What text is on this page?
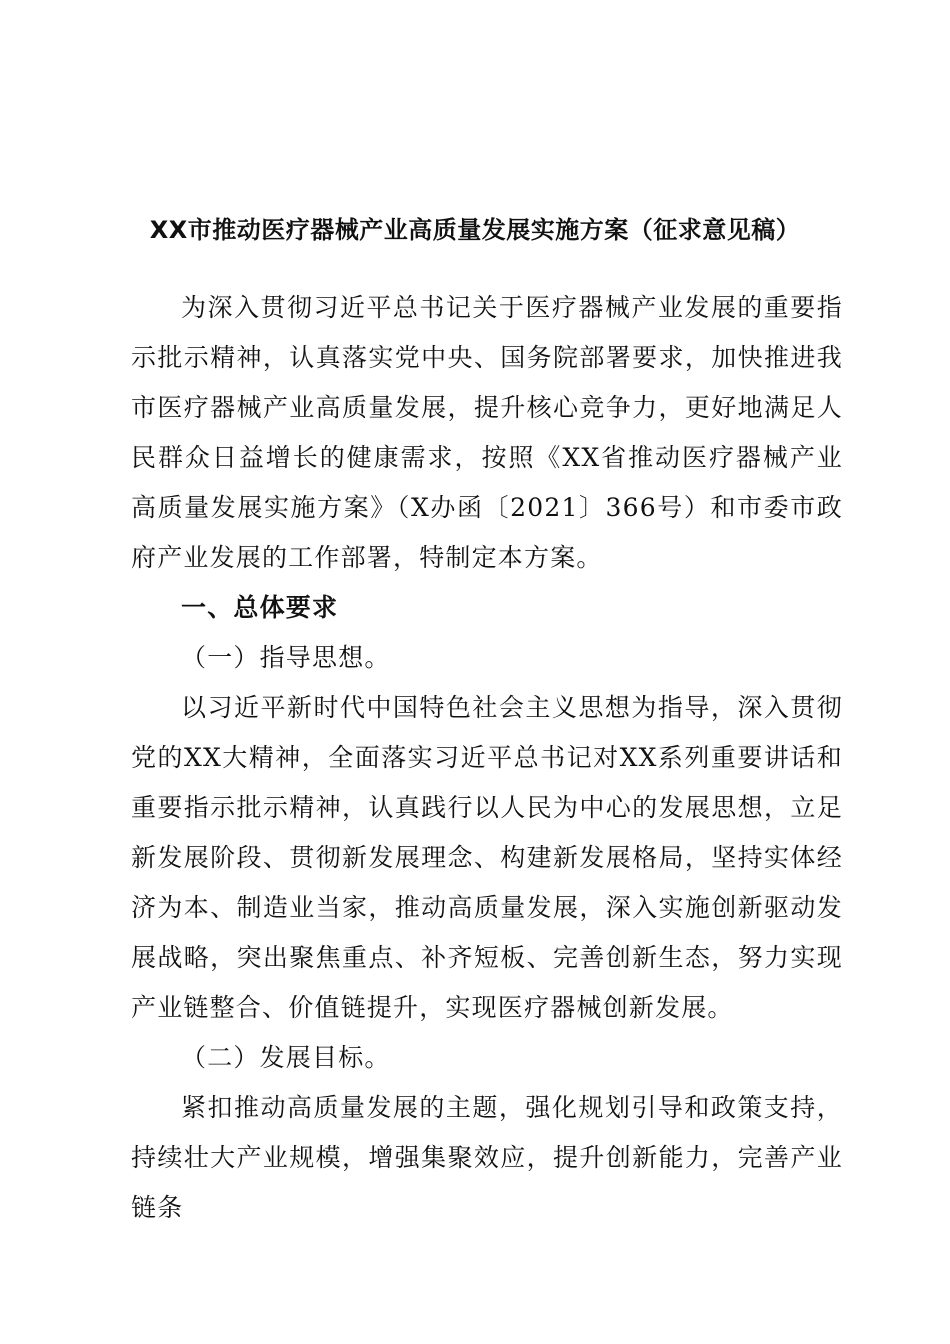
XX市推动医疗器械产业高质量发展实施方案（征求意见稿）

为深入贯彻习近平总书记关于医疗器械产业发展的重要指示批示精神，认真落实党中央、国务院部署要求，加快推进我市医疗器械产业高质量发展，提升核心竞争力，更好地满足人民群众日益增长的健康需求，按照《XX省推动医疗器械产业高质量发展实施方案》（X办函〔2021〕366号）和市委市政府产业发展的工作部署，特制定本方案。

一、总体要求

（一）指导思想。

以习近平新时代中国特色社会主义思想为指导，深入贯彻党的XX大精神，全面落实习近平总书记对XX系列重要讲话和重要指示批示精神，认真践行以人民为中心的发展思想，立足新发展阶段、贯彻新发展理念、构建新发展格局，坚持实体经济为本、制造业当家，推动高质量发展，深入实施创新驱动发展战略，突出聚焦重点、补齐短板、完善创新生态，努力实现产业链整合、价值链提升，实现医疗器械创新发展。

（二）发展目标。

紧扣推动高质量发展的主题，强化规划引导和政策支持，持续壮大产业规模，增强集聚效应，提升创新能力，完善产业链条
